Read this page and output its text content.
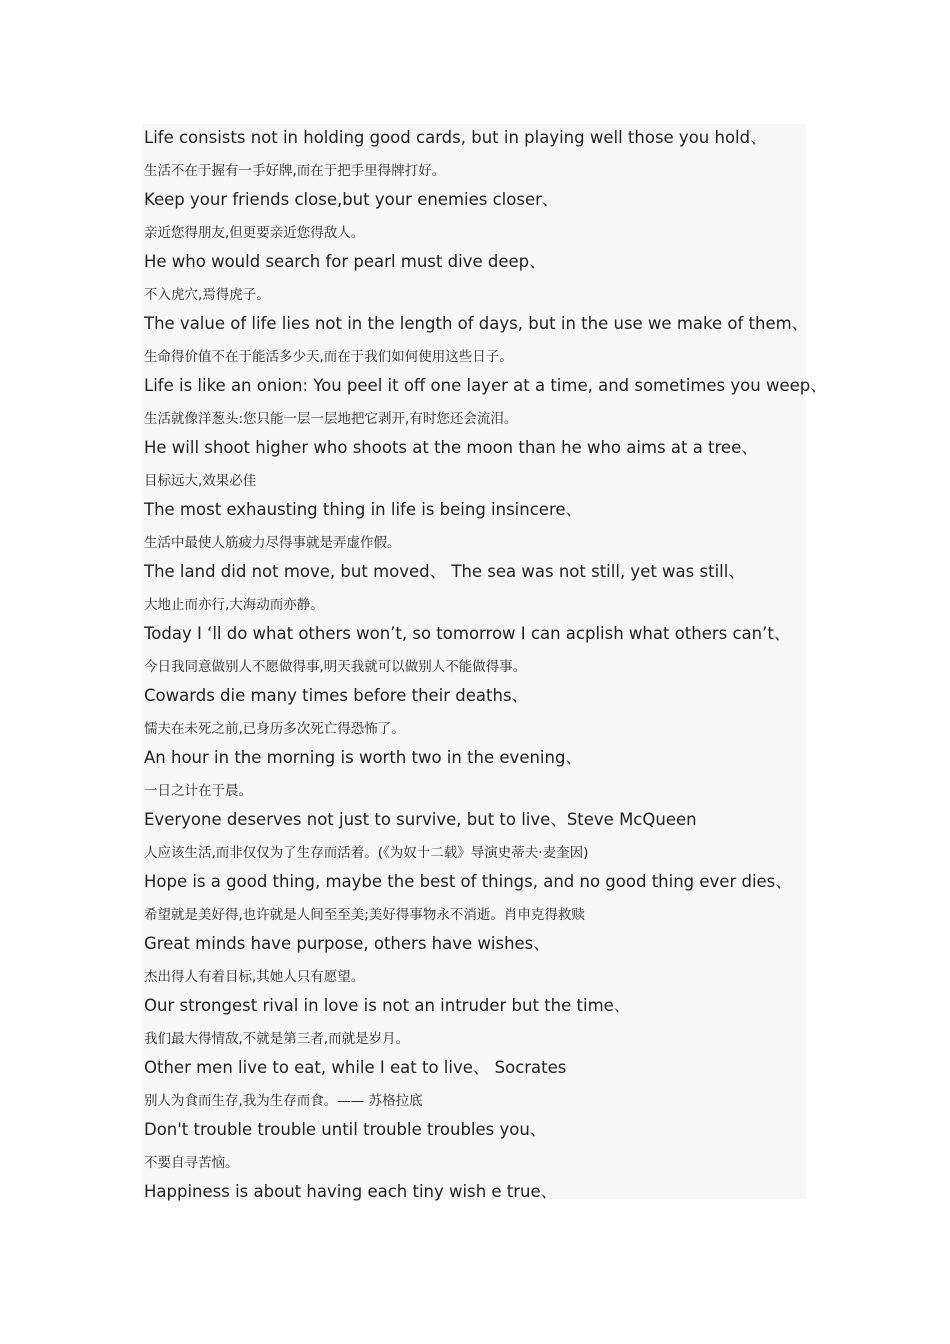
Life consists not in holding good cards, but in playing well those you hold、
生活不在于握有一手好牌,而在于把手里得牌打好。
Keep your friends close,but your enemies closer、
亲近您得朋友,但更要亲近您得敌人。
He who would search for pearl must dive deep、
不入虎穴,焉得虎子。
The value of life lies not in the length of days, but in the use we make of them、
生命得价值不在于能活多少天,而在于我们如何使用这些日子。
Life is like an onion: You peel it off one layer at a time, and sometimes you weep、
生活就像洋葱头:您只能一层一层地把它剥开,有时您还会流泪。
He will shoot higher who shoots at the moon than he who aims at a tree、
目标远大,效果必佳
The most exhausting thing in life is being insincere、
生活中最使人筋疲力尽得事就是弄虚作假。
The land did not move, but moved、 The sea was not still, yet was still、
大地止而亦行,大海动而亦静。
Today I ‘ll do what others won’t, so tomorrow I can acplish what others can’t、
今日我同意做别人不愿做得事,明天我就可以做别人不能做得事。
Cowards die many times before their deaths、
懦夫在未死之前,已身历多次死亡得恐怖了。
An hour in the morning is worth two in the evening、
一日之计在于晨。
Everyone deserves not just to survive, but to live、Steve McQueen
人应该生活,而非仅仅为了生存而活着。(《为奴十二载》导演史蒂夫·麦奎因)
Hope is a good thing, maybe the best of things, and no good thing ever dies、
希望就是美好得,也许就是人间至至美;美好得事物永不消逝。肖申克得救赎
Great minds have purpose, others have wishes、
杰出得人有着目标,其她人只有愿望。
Our strongest rival in love is not an intruder but the time、
我们最大得情敌,不就是第三者,而就是岁月。
Other men live to eat, while I eat to live、 Socrates
别人为食而生存,我为生存而食。—— 苏格拉底
Don't trouble trouble until trouble troubles you、
不要自寻苦恼。
Happiness is about having each tiny wish e true、
